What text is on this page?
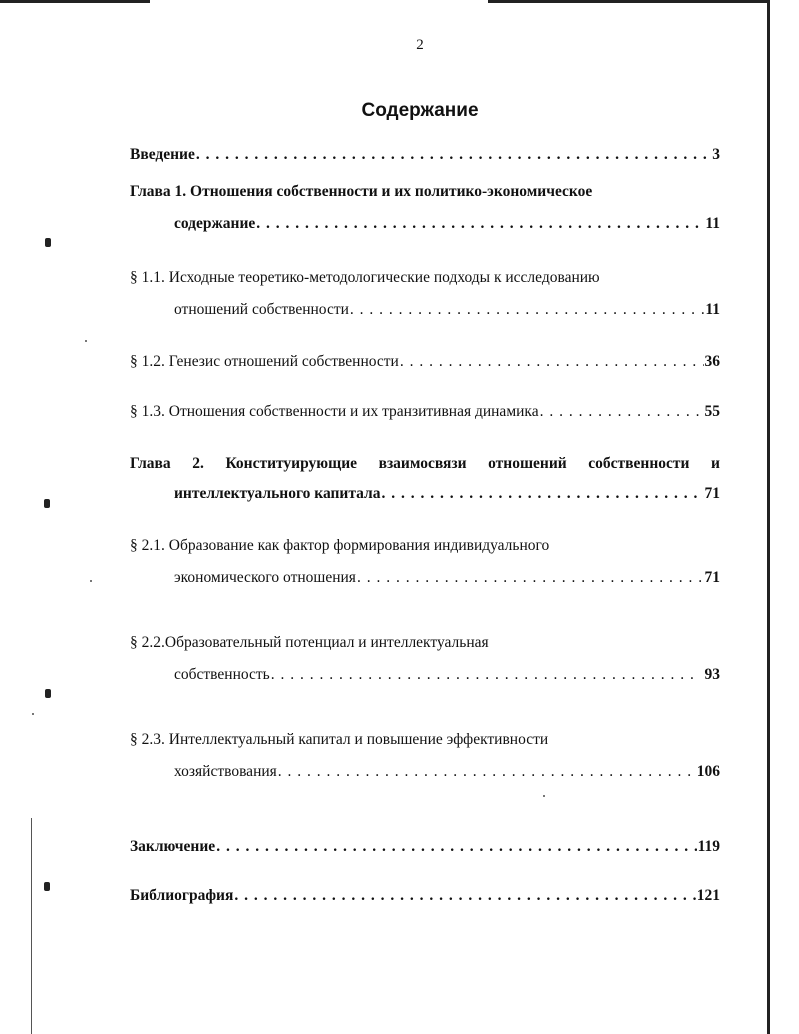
2
Содержание
Введение . . .	3
Глава 1. Отношения собственности и их политико-экономическое
содержание . . .	11
§ 1.1. Исходные теоретико-методологические подходы к исследованию
отношений собственности . . .	11
§ 1.2. Генезис отношений собственности . . .	36
§ 1.3. Отношения собственности и их транзитивная динамика . . .	55
Глава 2. Конституирующие взаимосвязи отношений собственности и
интеллектуального капитала . . .	71
§ 2.1. Образование как фактор формирования индивидуального
экономического отношения . . .	71
§ 2.2.Образовательный потенциал и интеллектуальная
собственность . . .	93
§ 2.3. Интеллектуальный капитал и повышение эффективности
хозяйствования . . .	106
Заключение . . .	119
Библиография . . .	121
